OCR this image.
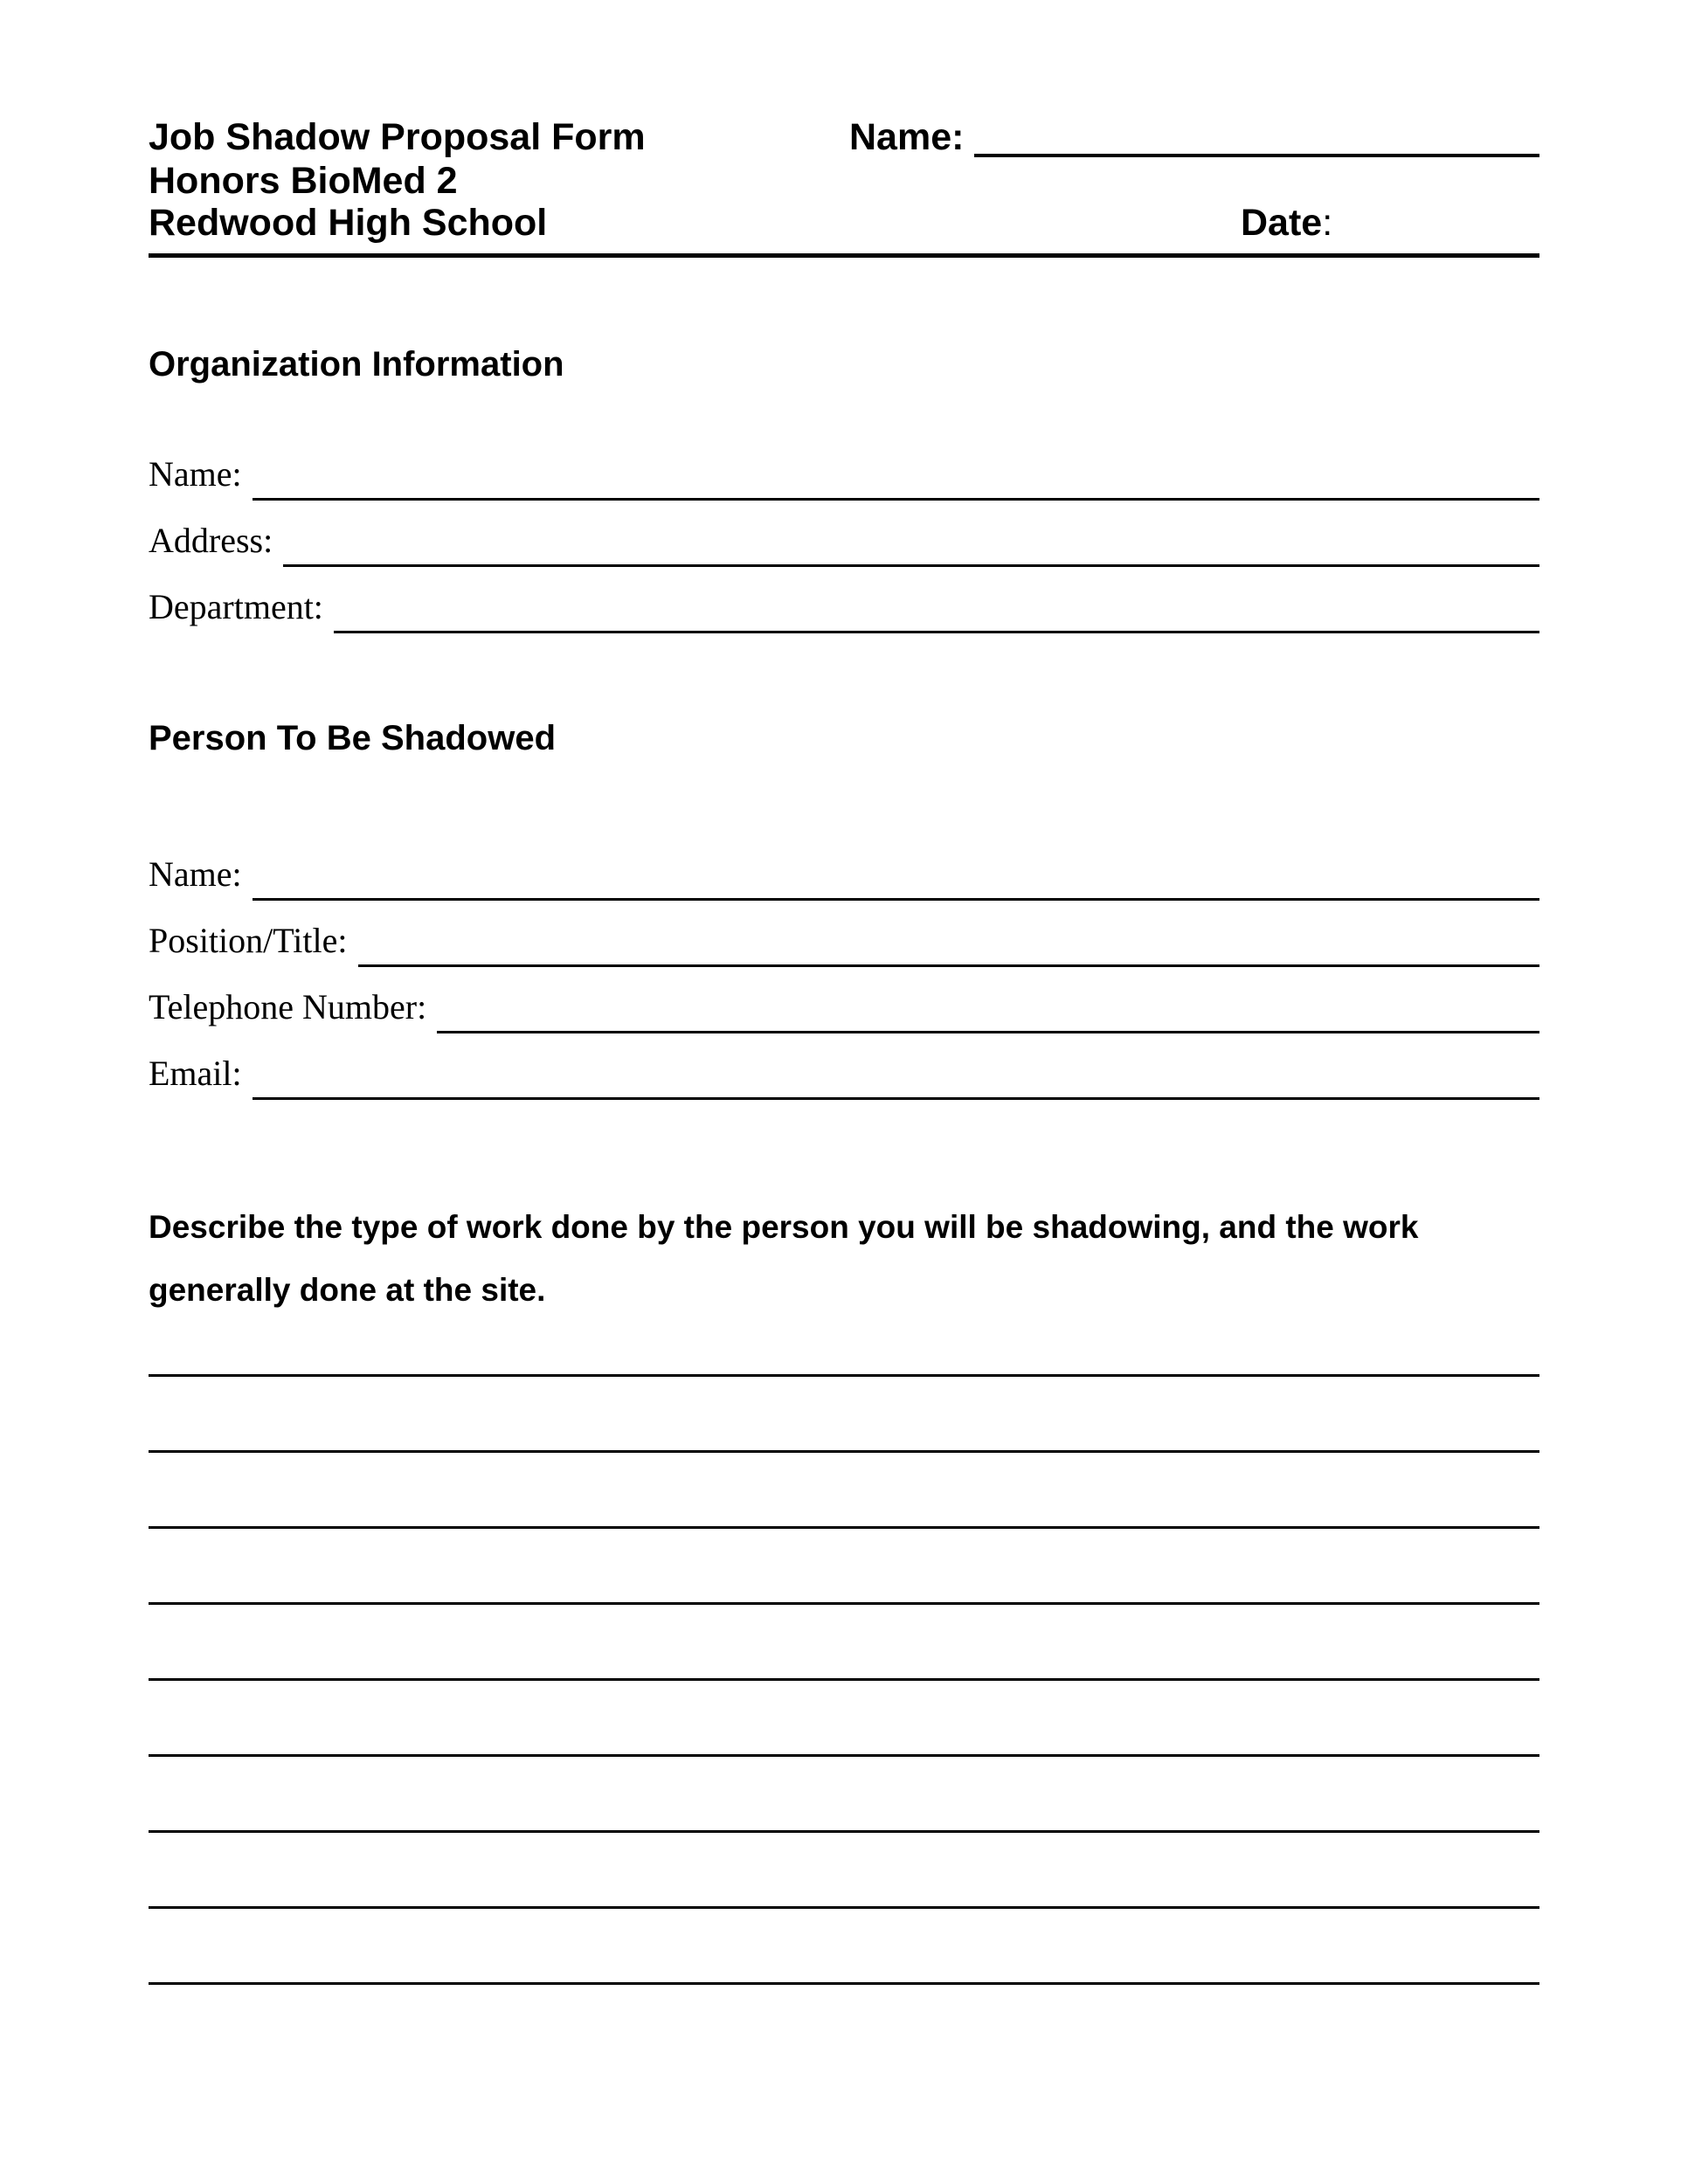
Job Shadow Proposal Form	Name:
Honors BioMed 2
Redwood High School	Date:
Organization Information
Name:
Address:
Department:
Person To Be Shadowed
Name:
Position/Title:
Telephone Number:
Email:
Describe the type of work done by the person you will be shadowing, and the work
generally done at the site.
